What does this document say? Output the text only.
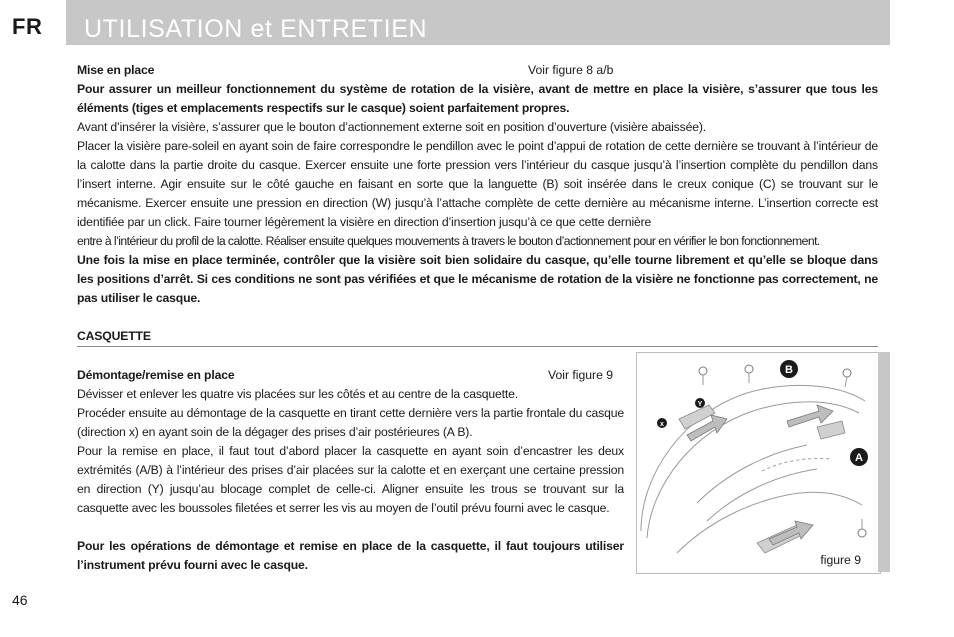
FR UTILISATION et ENTRETIEN
Mise en place	Voir figure 8 a/b
Pour assurer un meilleur fonctionnement du système de rotation de la visière, avant de mettre en place la visière, s’assurer que tous les éléments (tiges et emplacements respectifs sur le casque) soient parfaitement propres.
Avant d’insérer la visière, s’assurer que le bouton d’actionnement externe soit en position d’ouverture (visière abaissée).
Placer la visière pare-soleil en ayant soin de faire correspondre le pendillon avec le point d’appui de rotation de cette dernière se trouvant à l’intérieur de la calotte dans la partie droite du casque. Exercer ensuite une forte pression vers l’intérieur du casque jusqu’à l’insertion complète du pendillon dans l’insert interne. Agir ensuite sur le côté gauche en faisant en sorte que la languette (B) soit insérée dans le creux conique (C) se trouvant sur le mécanisme. Exercer ensuite une pression en direction (W) jusqu’à l’attache complète de cette dernière au mécanisme interne. L’insertion correcte est identifiée par un click. Faire tourner légèrement la visière en direction d’insertion jusqu’à ce que cette dernière
entre à l’intérieur du profil de la calotte. Réaliser ensuite quelques mouvements à travers le bouton d’actionnement pour en vérifier le bon fonctionnement.
Une fois la mise en place terminée, contrôler que la visière soit bien solidaire du casque, qu’elle tourne librement et qu’elle se bloque dans les positions d’arrêt. Si ces conditions ne sont pas vérifiées et que le mécanisme de rotation de la visière ne fonctionne pas correctement, ne pas utiliser le casque.
CASQUETTE
Démontage/remise en place	Voir figure 9
Dévisser et enlever les quatre vis placées sur les côtés et au centre de la casquette.
Procéder ensuite au démontage de la casquette en tirant cette dernière vers la partie frontale du casque (direction x) en ayant soin de la dégager des prises d’air postérieures (A B).
Pour la remise en place, il faut tout d’abord placer la casquette en ayant soin d’encastrer les deux extrémités (A/B) à l’intérieur des prises d’air placées sur la calotte et en exerçant une certaine pression en direction (Y) jusqu’au blocage complet de celle-ci. Aligner ensuite les trous se trouvant sur la casquette avec les boussoles filetées et serrer les vis au moyen de l’outil prévu fourni avec le casque.
Pour les opérations de démontage et remise en place de la casquette, il faut toujours utiliser l’instrument prévu fourni avec le casque.
B
A
Y
x
figure 9
46
